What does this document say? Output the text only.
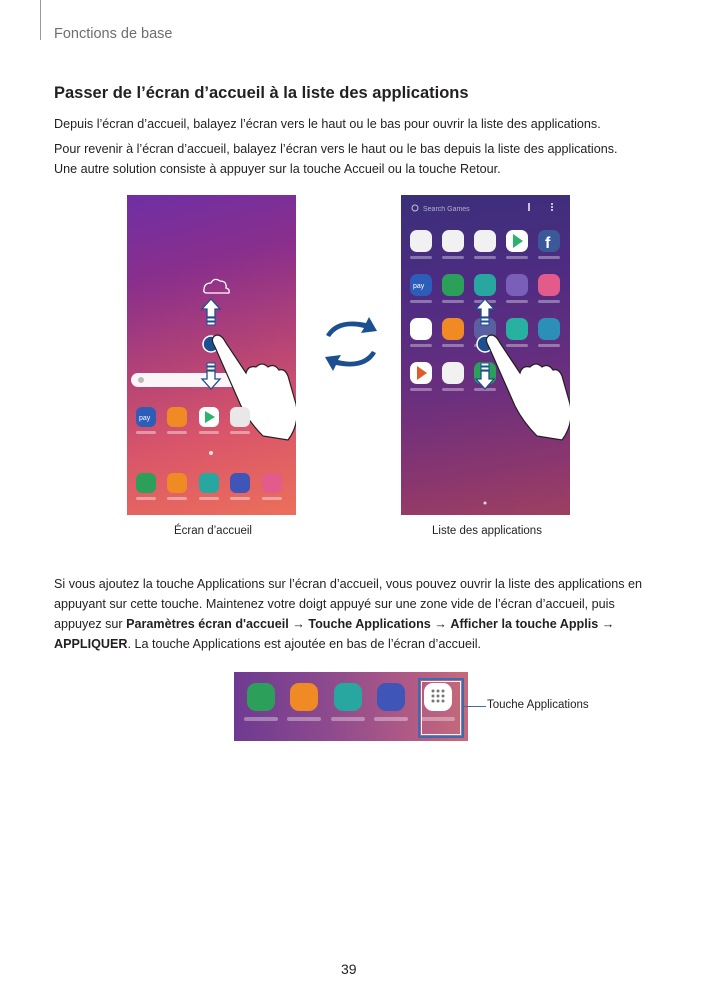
Fonctions de base
Passer de l’écran d’accueil à la liste des applications
Depuis l’écran d’accueil, balayez l’écran vers le haut ou le bas pour ouvrir la liste des applications.
Pour revenir à l’écran d’accueil, balayez l’écran vers le haut ou le bas depuis la liste des applications.
Une autre solution consiste à appuyer sur la touche Accueil ou la touche Retour.
pay
Search Games
f
pay
Écran d’accueil	Liste des applications
Si vous ajoutez la touche Applications sur l’écran d’accueil, vous pouvez ouvrir la liste des applications en appuyant sur cette touche. Maintenez votre doigt appuyé sur une zone vide de l’écran d’accueil, puis appuyez sur Paramètres écran d'accueil → Touche Applications → Afficher la touche Applis → APPLIQUER. La touche Applications est ajoutée en bas de l’écran d’accueil.
Touche Applications
39
